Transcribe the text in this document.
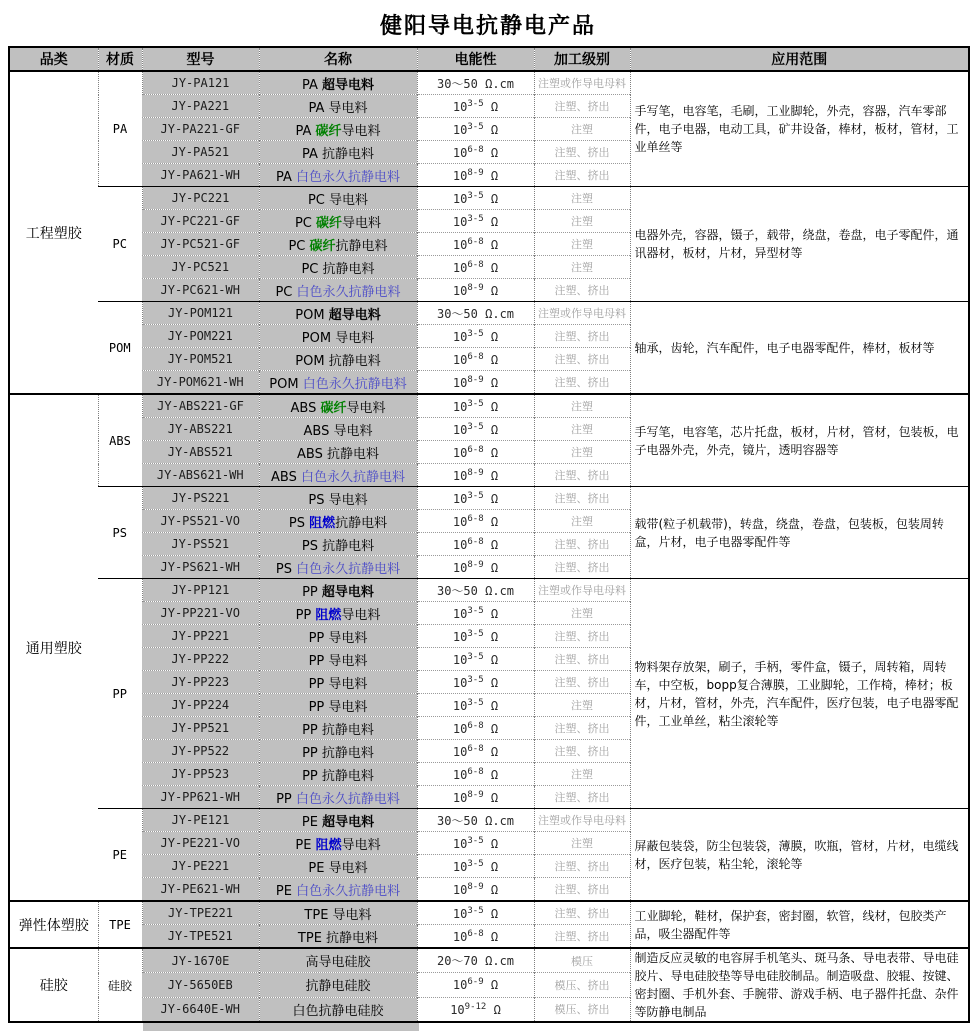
健阳导电抗静电产品
品类	材质	型号	名称	电能性	加工级别	应用范围
工程塑胶	PA	JY-PA121	PA 超导电料	30～50 Ω.cm	注塑或作导电母料	手写笔，电容笔，毛刷，工业脚轮，外壳，容器，汽车零部件，电子电器，电动工具，矿井设备，棒材，板材，管材，工业单丝等
		JY-PA221	PA 导电料	10$^{3-5}$ Ω	注塑、挤出	
		JY-PA221-GF	PA 碳纤导电料	10$^{3-5}$ Ω	注塑	
		JY-PA521	PA 抗静电料	10$^{6-8}$ Ω	注塑、挤出	
		JY-PA621-WH	PA 白色永久抗静电料	10$^{8-9}$ Ω	注塑、挤出	
	PC	JY-PC221	PC 导电料	10$^{3-5}$ Ω	注塑	电器外壳，容器，镊子，载带，绕盘，卷盘，电子零配件，通讯器材，板材，片材，异型材等
		JY-PC221-GF	PC 碳纤导电料	10$^{3-5}$ Ω	注塑	
		JY-PC521-GF	PC 碳纤抗静电料	10$^{6-8}$ Ω	注塑	
		JY-PC521	PC 抗静电料	10$^{6-8}$ Ω	注塑	
		JY-PC621-WH	PC 白色永久抗静电料	10$^{8-9}$ Ω	注塑、挤出	
	POM	JY-POM121	POM 超导电料	30～50 Ω.cm	注塑或作导电母料	轴承，齿轮，汽车配件，电子电器零配件，棒材，板材等
		JY-POM221	POM 导电料	10$^{3-5}$ Ω	注塑、挤出	
		JY-POM521	POM 抗静电料	10$^{6-8}$ Ω	注塑、挤出	
		JY-POM621-WH	POM 白色永久抗静电料	10$^{8-9}$ Ω	注塑、挤出	
通用塑胶	ABS	JY-ABS221-GF	ABS 碳纤导电料	10$^{3-5}$ Ω	注塑	手写笔，电容笔，芯片托盘，板材，片材，管材，包装板，电子电器外壳，外壳，镜片，透明容器等
		JY-ABS221	ABS 导电料	10$^{3-5}$ Ω	注塑	
		JY-ABS521	ABS 抗静电料	10$^{6-8}$ Ω	注塑	
		JY-ABS621-WH	ABS 白色永久抗静电料	10$^{8-9}$ Ω	注塑、挤出	
	PS	JY-PS221	PS 导电料	10$^{3-5}$ Ω	注塑、挤出	载带(粒子机载带)，转盘，绕盘，卷盘，包装板，包装周转盒，片材，电子电器零配件等
		JY-PS521-VO	PS 阻燃抗静电料	10$^{6-8}$ Ω	注塑	
		JY-PS521	PS 抗静电料	10$^{6-8}$ Ω	注塑、挤出	
		JY-PS621-WH	PS 白色永久抗静电料	10$^{8-9}$ Ω	注塑、挤出	
	PP	JY-PP121	PP 超导电料	30～50 Ω.cm	注塑或作导电母料	物料架存放架，刷子，手柄，零件盒，镊子，周转箱，周转车，中空板，bopp复合薄膜，工业脚轮，工作椅，棒材；板材，片材，管材，外壳，汽车配件，医疗包装，电子电器零配件，工业单丝，粘尘滚轮等
		JY-PP221-VO	PP 阻燃导电料	10$^{3-5}$ Ω	注塑	
		JY-PP221	PP 导电料	10$^{3-5}$ Ω	注塑、挤出	
		JY-PP222	PP 导电料	10$^{3-5}$ Ω	注塑、挤出	
		JY-PP223	PP 导电料	10$^{3-5}$ Ω	注塑、挤出	
		JY-PP224	PP 导电料	10$^{3-5}$ Ω	注塑	
		JY-PP521	PP 抗静电料	10$^{6-8}$ Ω	注塑、挤出	
		JY-PP522	PP 抗静电料	10$^{6-8}$ Ω	注塑、挤出	
		JY-PP523	PP 抗静电料	10$^{6-8}$ Ω	注塑	
		JY-PP621-WH	PP 白色永久抗静电料	10$^{8-9}$ Ω	注塑、挤出	
	PE	JY-PE121	PE 超导电料	30～50 Ω.cm	注塑或作导电母料	屏蔽包装袋，防尘包装袋，薄膜，吹瓶，管材，片材，电缆线材，医疗包装，粘尘轮，滚轮等
		JY-PE221-VO	PE 阻燃导电料	10$^{3-5}$ Ω	注塑	
		JY-PE221	PE 导电料	10$^{3-5}$ Ω	注塑、挤出	
		JY-PE621-WH	PE 白色永久抗静电料	10$^{8-9}$ Ω	注塑、挤出	
弹性体塑胶	TPE	JY-TPE221	TPE 导电料	10$^{3-5}$ Ω	注塑、挤出	工业脚轮，鞋材，保护套，密封圈，软管，线材，包胶类产品，吸尘器配件等
		JY-TPE521	TPE 抗静电料	10$^{6-8}$ Ω	注塑、挤出	
硅胶	硅胶	JY-1670E	高导电硅胶	20～70 Ω.cm	模压	制造反应灵敏的电容屏手机笔头、斑马条、导电表带、导电硅胶片、导电硅胶垫等导电硅胶制品。制造吸盘、胶辊、按键、密封圈、手机外套、手腕带、游戏手柄、电子器件托盘、杂件等防静电制品
		JY-5650EB	抗静电硅胶	10$^{6-9}$ Ω	模压、挤出	
		JY-6640E-WH	白色抗静电硅胶	10$^{9-12}$ Ω	模压、挤出	
